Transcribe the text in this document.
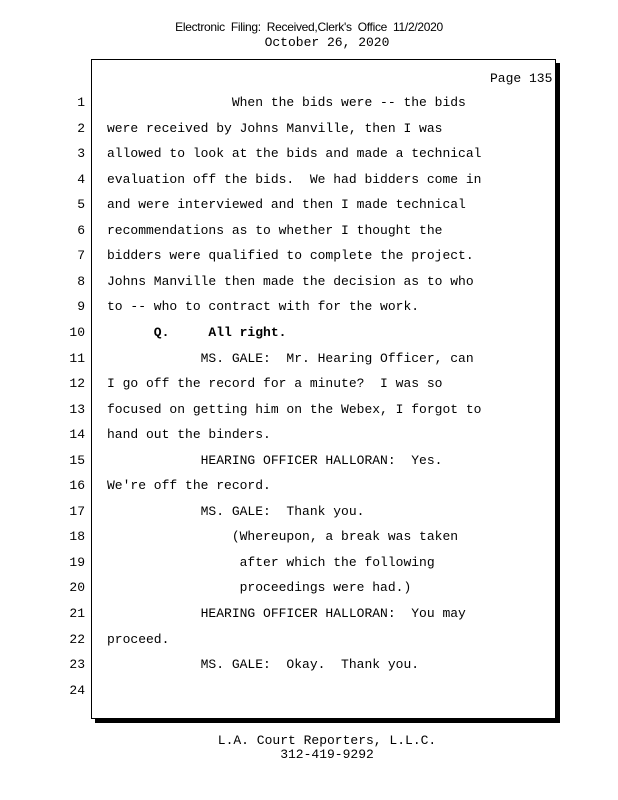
Electronic Filing: Received,Clerk's Office 11/2/2020
October 26, 2020
Page 135
1 When the bids were -- the bids
2 were received by Johns Manville, then I was
3 allowed to look at the bids and made a technical
4 evaluation off the bids.  We had bidders come in
5 and were interviewed and then I made technical
6 recommendations as to whether I thought the
7 bidders were qualified to complete the project.
8 Johns Manville then made the decision as to who
9 to -- who to contract with for the work.
10 Q.     All right.
11 MS. GALE:  Mr. Hearing Officer, can
12 I go off the record for a minute?  I was so
13 focused on getting him on the Webex, I forgot to
14 hand out the binders.
15 HEARING OFFICER HALLORAN:  Yes.
16 We're off the record.
17 MS. GALE:  Thank you.
18 (Whereupon, a break was taken
19 after which the following
20 proceedings were had.)
21 HEARING OFFICER HALLORAN:  You may
22 proceed.
23 MS. GALE:  Okay.  Thank you.
24
L.A. Court Reporters, L.L.C.
312-419-9292
